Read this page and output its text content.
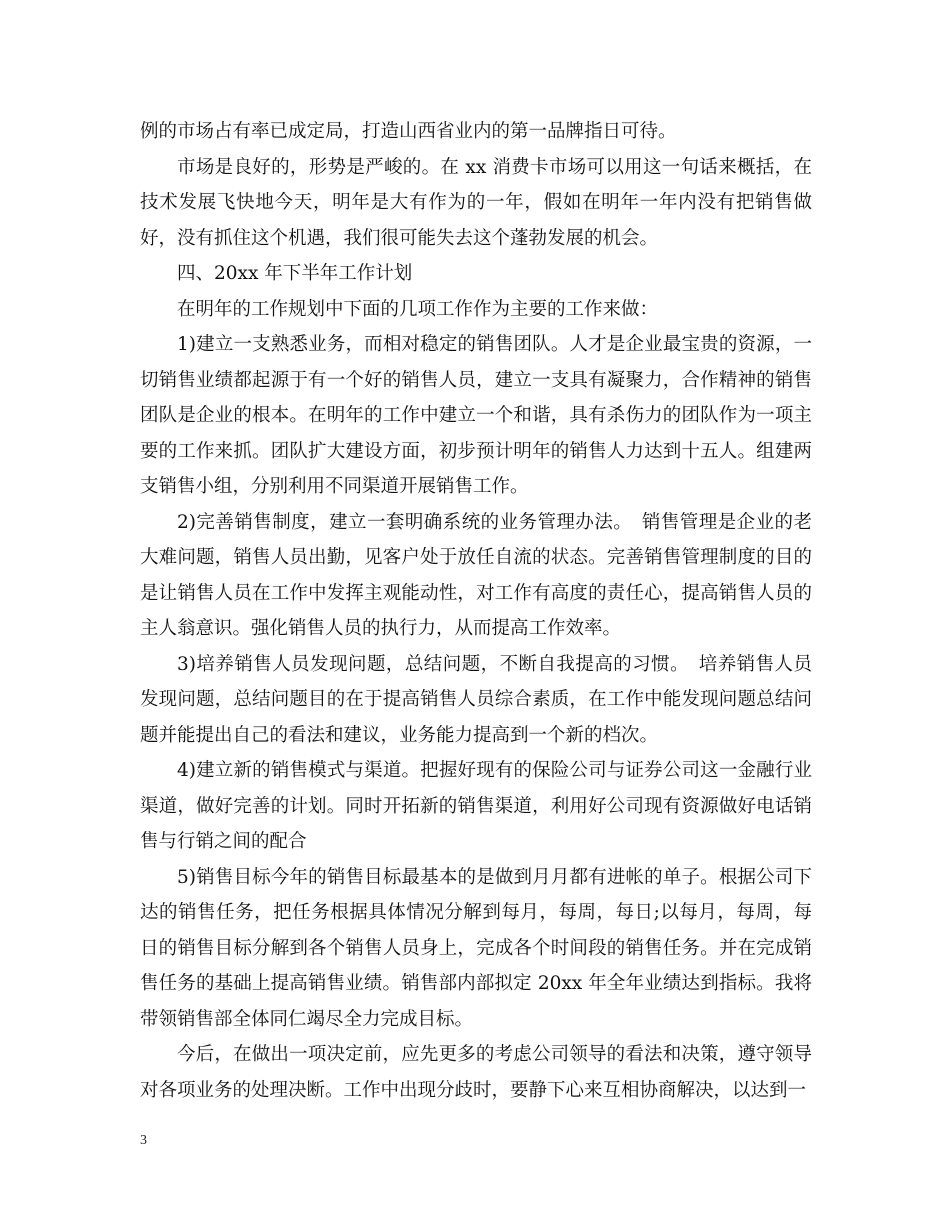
例的市场占有率已成定局，打造山西省业内的第一品牌指日可待。

市场是良好的，形势是严峻的。在 xx 消费卡市场可以用这一句话来概括，在技术发展飞快地今天，明年是大有作为的一年，假如在明年一年内没有把销售做好，没有抓住这个机遇，我们很可能失去这个蓬勃发展的机会。

四、20xx 年下半年工作计划

在明年的工作规划中下面的几项工作作为主要的工作来做：

1)建立一支熟悉业务，而相对稳定的销售团队。人才是企业最宝贵的资源，一切销售业绩都起源于有一个好的销售人员，建立一支具有凝聚力，合作精神的销售团队是企业的根本。在明年的工作中建立一个和谐，具有杀伤力的团队作为一项主要的工作来抓。团队扩大建设方面，初步预计明年的销售人力达到十五人。组建两支销售小组，分别利用不同渠道开展销售工作。

2)完善销售制度，建立一套明确系统的业务管理办法。　销售管理是企业的老大难问题，销售人员出勤，见客户处于放任自流的状态。完善销售管理制度的目的是让销售人员在工作中发挥主观能动性，对工作有高度的责任心，提高销售人员的主人翁意识。强化销售人员的执行力，从而提高工作效率。

3)培养销售人员发现问题，总结问题，不断自我提高的习惯。　培养销售人员发现问题，总结问题目的在于提高销售人员综合素质，在工作中能发现问题总结问题并能提出自己的看法和建议，业务能力提高到一个新的档次。

4)建立新的销售模式与渠道。把握好现有的保险公司与证券公司这一金融行业渠道，做好完善的计划。同时开拓新的销售渠道，利用好公司现有资源做好电话销售与行销之间的配合

5)销售目标今年的销售目标最基本的是做到月月都有进帐的单子。根据公司下达的销售任务，把任务根据具体情况分解到每月，每周，每日;以每月，每周，每日的销售目标分解到各个销售人员身上，完成各个时间段的销售任务。并在完成销售任务的基础上提高销售业绩。销售部内部拟定 20xx 年全年业绩达到指标。我将带领销售部全体同仁竭尽全力完成目标。

今后，在做出一项决定前，应先更多的考虑公司领导的看法和决策，遵守领导对各项业务的处理决断。工作中出现分歧时，要静下心来互相协商解决，以达到一

3
